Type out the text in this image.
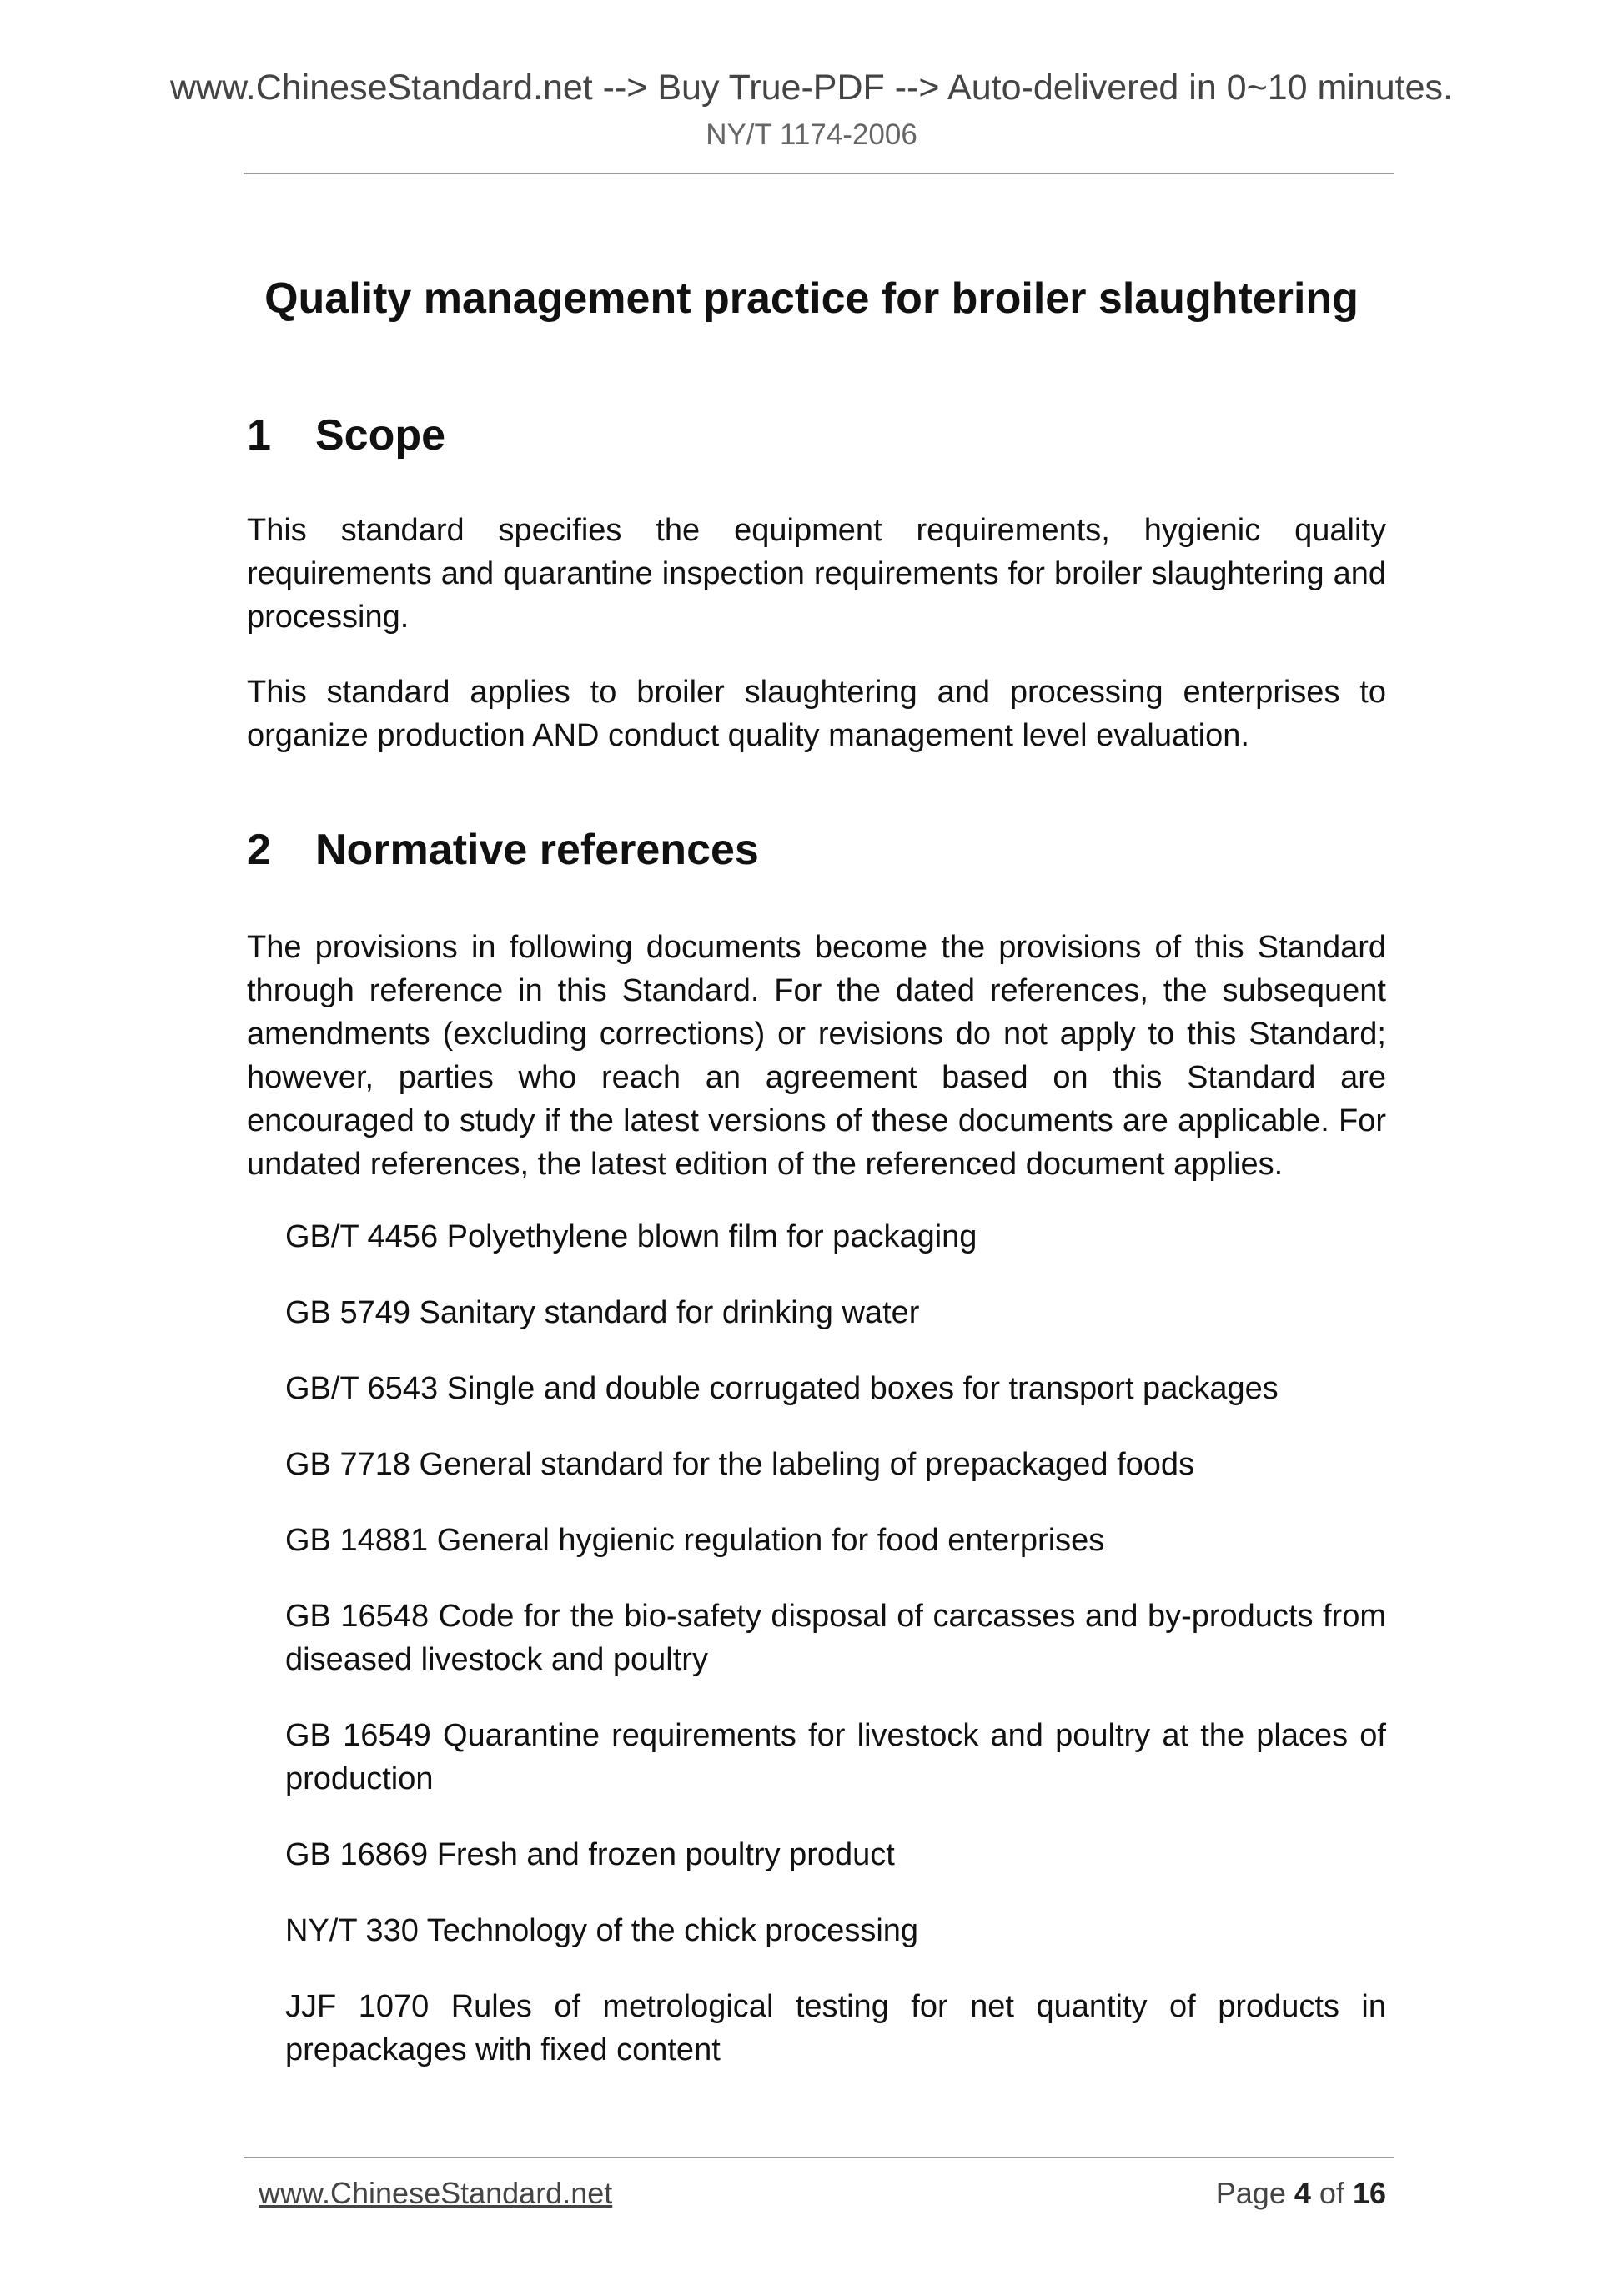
www.ChineseStandard.net --> Buy True-PDF --> Auto-delivered in 0~10 minutes.
NY/T 1174-2006
Quality management practice for broiler slaughtering
1 Scope

This standard specifies the equipment requirements, hygienic quality requirements and quarantine inspection requirements for broiler slaughtering and processing.

This standard applies to broiler slaughtering and processing enterprises to organize production AND conduct quality management level evaluation.

2 Normative references

The provisions in following documents become the provisions of this Standard through reference in this Standard. For the dated references, the subsequent amendments (excluding corrections) or revisions do not apply to this Standard; however, parties who reach an agreement based on this Standard are encouraged to study if the latest versions of these documents are applicable. For undated references, the latest edition of the referenced document applies.

GB/T 4456 Polyethylene blown film for packaging
GB 5749 Sanitary standard for drinking water
GB/T 6543 Single and double corrugated boxes for transport packages
GB 7718 General standard for the labeling of prepackaged foods
GB 14881 General hygienic regulation for food enterprises
GB 16548 Code for the bio-safety disposal of carcasses and by-products from diseased livestock and poultry
GB 16549 Quarantine requirements for livestock and poultry at the places of production
GB 16869 Fresh and frozen poultry product
NY/T 330 Technology of the chick processing
JJF 1070 Rules of metrological testing for net quantity of products in prepackages with fixed content
www.ChineseStandard.net	Page 4 of 16
